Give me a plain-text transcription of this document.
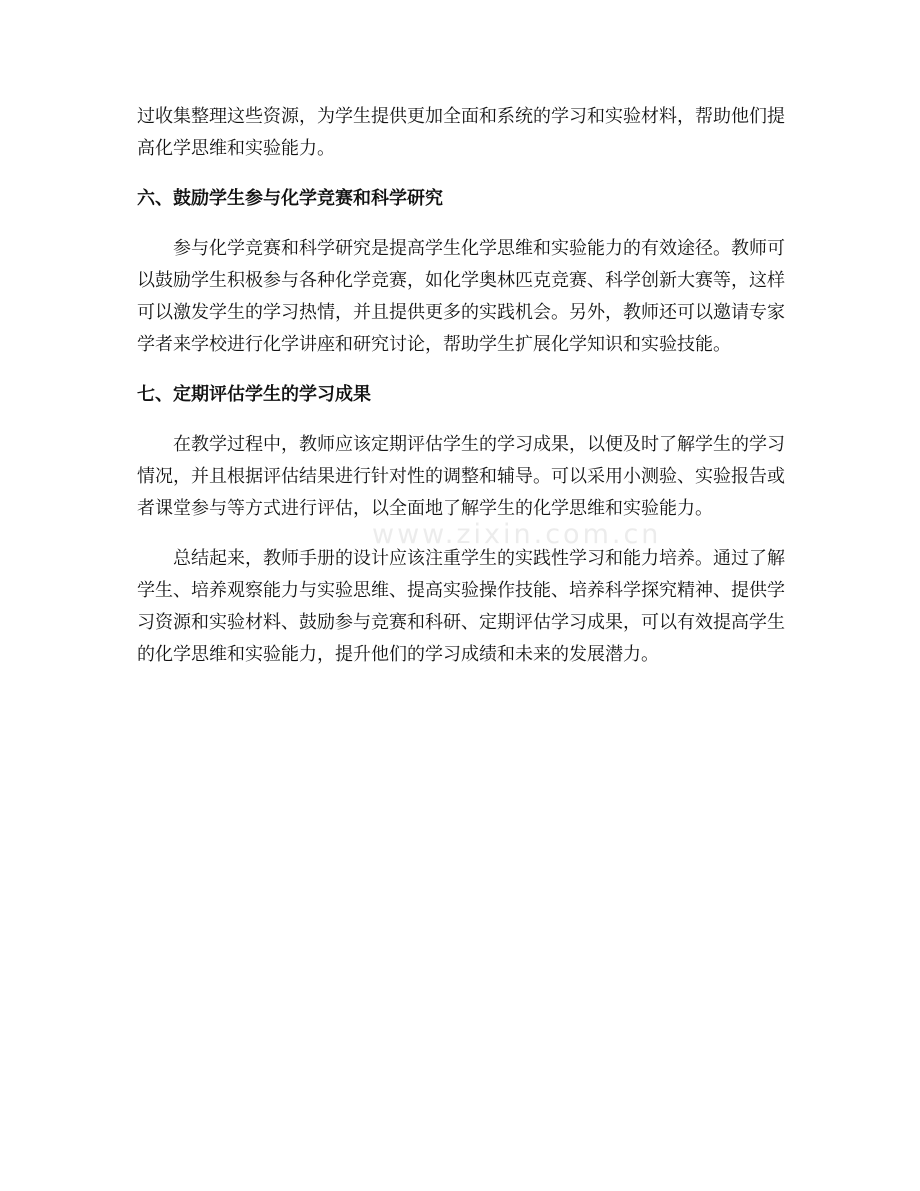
过收集整理这些资源，为学生提供更加全面和系统的学习和实验材料，帮助他们提高化学思维和实验能力。

六、鼓励学生参与化学竞赛和科学研究

参与化学竞赛和科学研究是提高学生化学思维和实验能力的有效途径。教师可以鼓励学生积极参与各种化学竞赛，如化学奥林匹克竞赛、科学创新大赛等，这样可以激发学生的学习热情，并且提供更多的实践机会。另外，教师还可以邀请专家学者来学校进行化学讲座和研究讨论，帮助学生扩展化学知识和实验技能。

七、定期评估学生的学习成果

在教学过程中，教师应该定期评估学生的学习成果，以便及时了解学生的学习情况，并且根据评估结果进行针对性的调整和辅导。可以采用小测验、实验报告或者课堂参与等方式进行评估，以全面地了解学生的化学思维和实验能力。

总结起来，教师手册的设计应该注重学生的实践性学习和能力培养。通过了解学生、培养观察能力与实验思维、提高实验操作技能、培养科学探究精神、提供学习资源和实验材料、鼓励参与竞赛和科研、定期评估学习成果，可以有效提高学生的化学思维和实验能力，提升他们的学习成绩和未来的发展潜力。

www.zixin.com.cn
